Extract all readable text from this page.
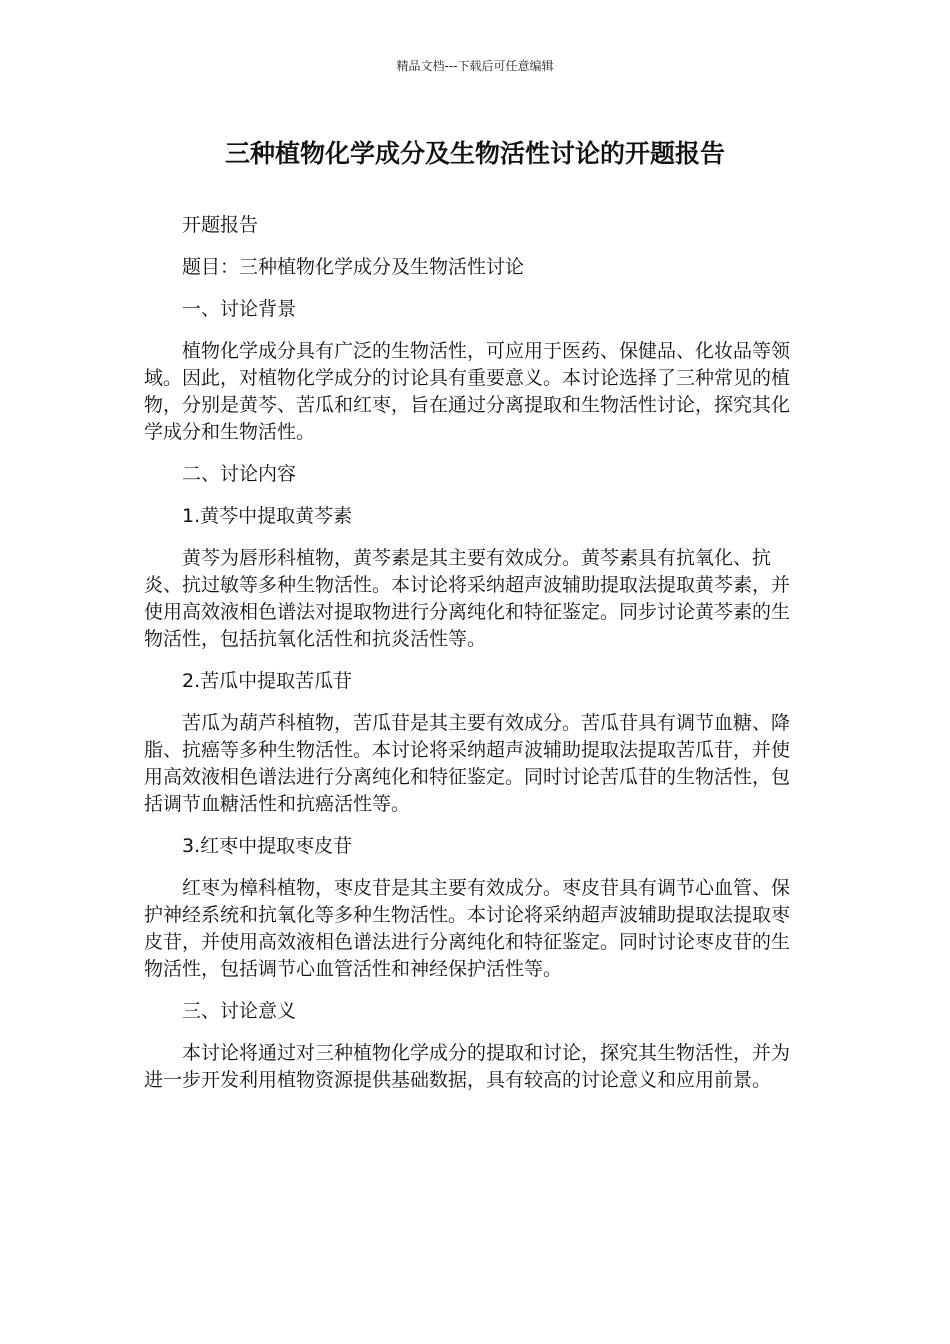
精品文档---下载后可任意编辑
三种植物化学成分及生物活性讨论的开题报告

开题报告

题目：三种植物化学成分及生物活性讨论

一、讨论背景

植物化学成分具有广泛的生物活性，可应用于医药、保健品、化妆品等领域。因此，对植物化学成分的讨论具有重要意义。本讨论选择了三种常见的植物，分别是黄芩、苦瓜和红枣，旨在通过分离提取和生物活性讨论，探究其化学成分和生物活性。

二、讨论内容

1.黄芩中提取黄芩素

黄芩为唇形科植物，黄芩素是其主要有效成分。黄芩素具有抗氧化、抗炎、抗过敏等多种生物活性。本讨论将采纳超声波辅助提取法提取黄芩素，并使用高效液相色谱法对提取物进行分离纯化和特征鉴定。同步讨论黄芩素的生物活性，包括抗氧化活性和抗炎活性等。

2.苦瓜中提取苦瓜苷

苦瓜为葫芦科植物，苦瓜苷是其主要有效成分。苦瓜苷具有调节血糖、降脂、抗癌等多种生物活性。本讨论将采纳超声波辅助提取法提取苦瓜苷，并使用高效液相色谱法进行分离纯化和特征鉴定。同时讨论苦瓜苷的生物活性，包括调节血糖活性和抗癌活性等。

3.红枣中提取枣皮苷

红枣为樟科植物，枣皮苷是其主要有效成分。枣皮苷具有调节心血管、保护神经系统和抗氧化等多种生物活性。本讨论将采纳超声波辅助提取法提取枣皮苷，并使用高效液相色谱法进行分离纯化和特征鉴定。同时讨论枣皮苷的生物活性，包括调节心血管活性和神经保护活性等。

三、讨论意义

本讨论将通过对三种植物化学成分的提取和讨论，探究其生物活性，并为进一步开发利用植物资源提供基础数据，具有较高的讨论意义和应用前景。
